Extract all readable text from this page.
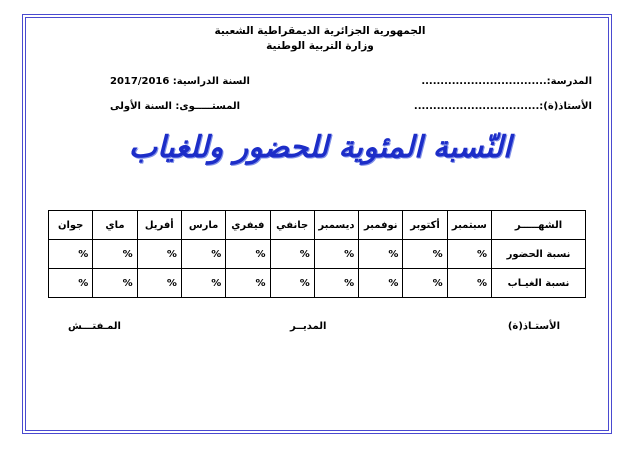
الجمهورية الجزائرية الديمقراطية الشعبية
وزارة التربية الوطنية
المدرسة:.................................
السنة الدراسية: 2017/2016
الأستاذ(ة):.................................
المستـــــوى: السنة الأولى
النّسبة المئوية للحضور وللغياب
الشهـــــر	سبتمبر	أكتوبر	نوفمبر	ديسمبر	جانفي	فيفري	مارس	أفريل	ماي	جوان
نسبة الحضور	%	%	%	%	%	%	%	%	%	%
نسبة الغيـاب	%	%	%	%	%	%	%	%	%	%
الأستـاذ(ة)
المديــر
المـفتـــش
